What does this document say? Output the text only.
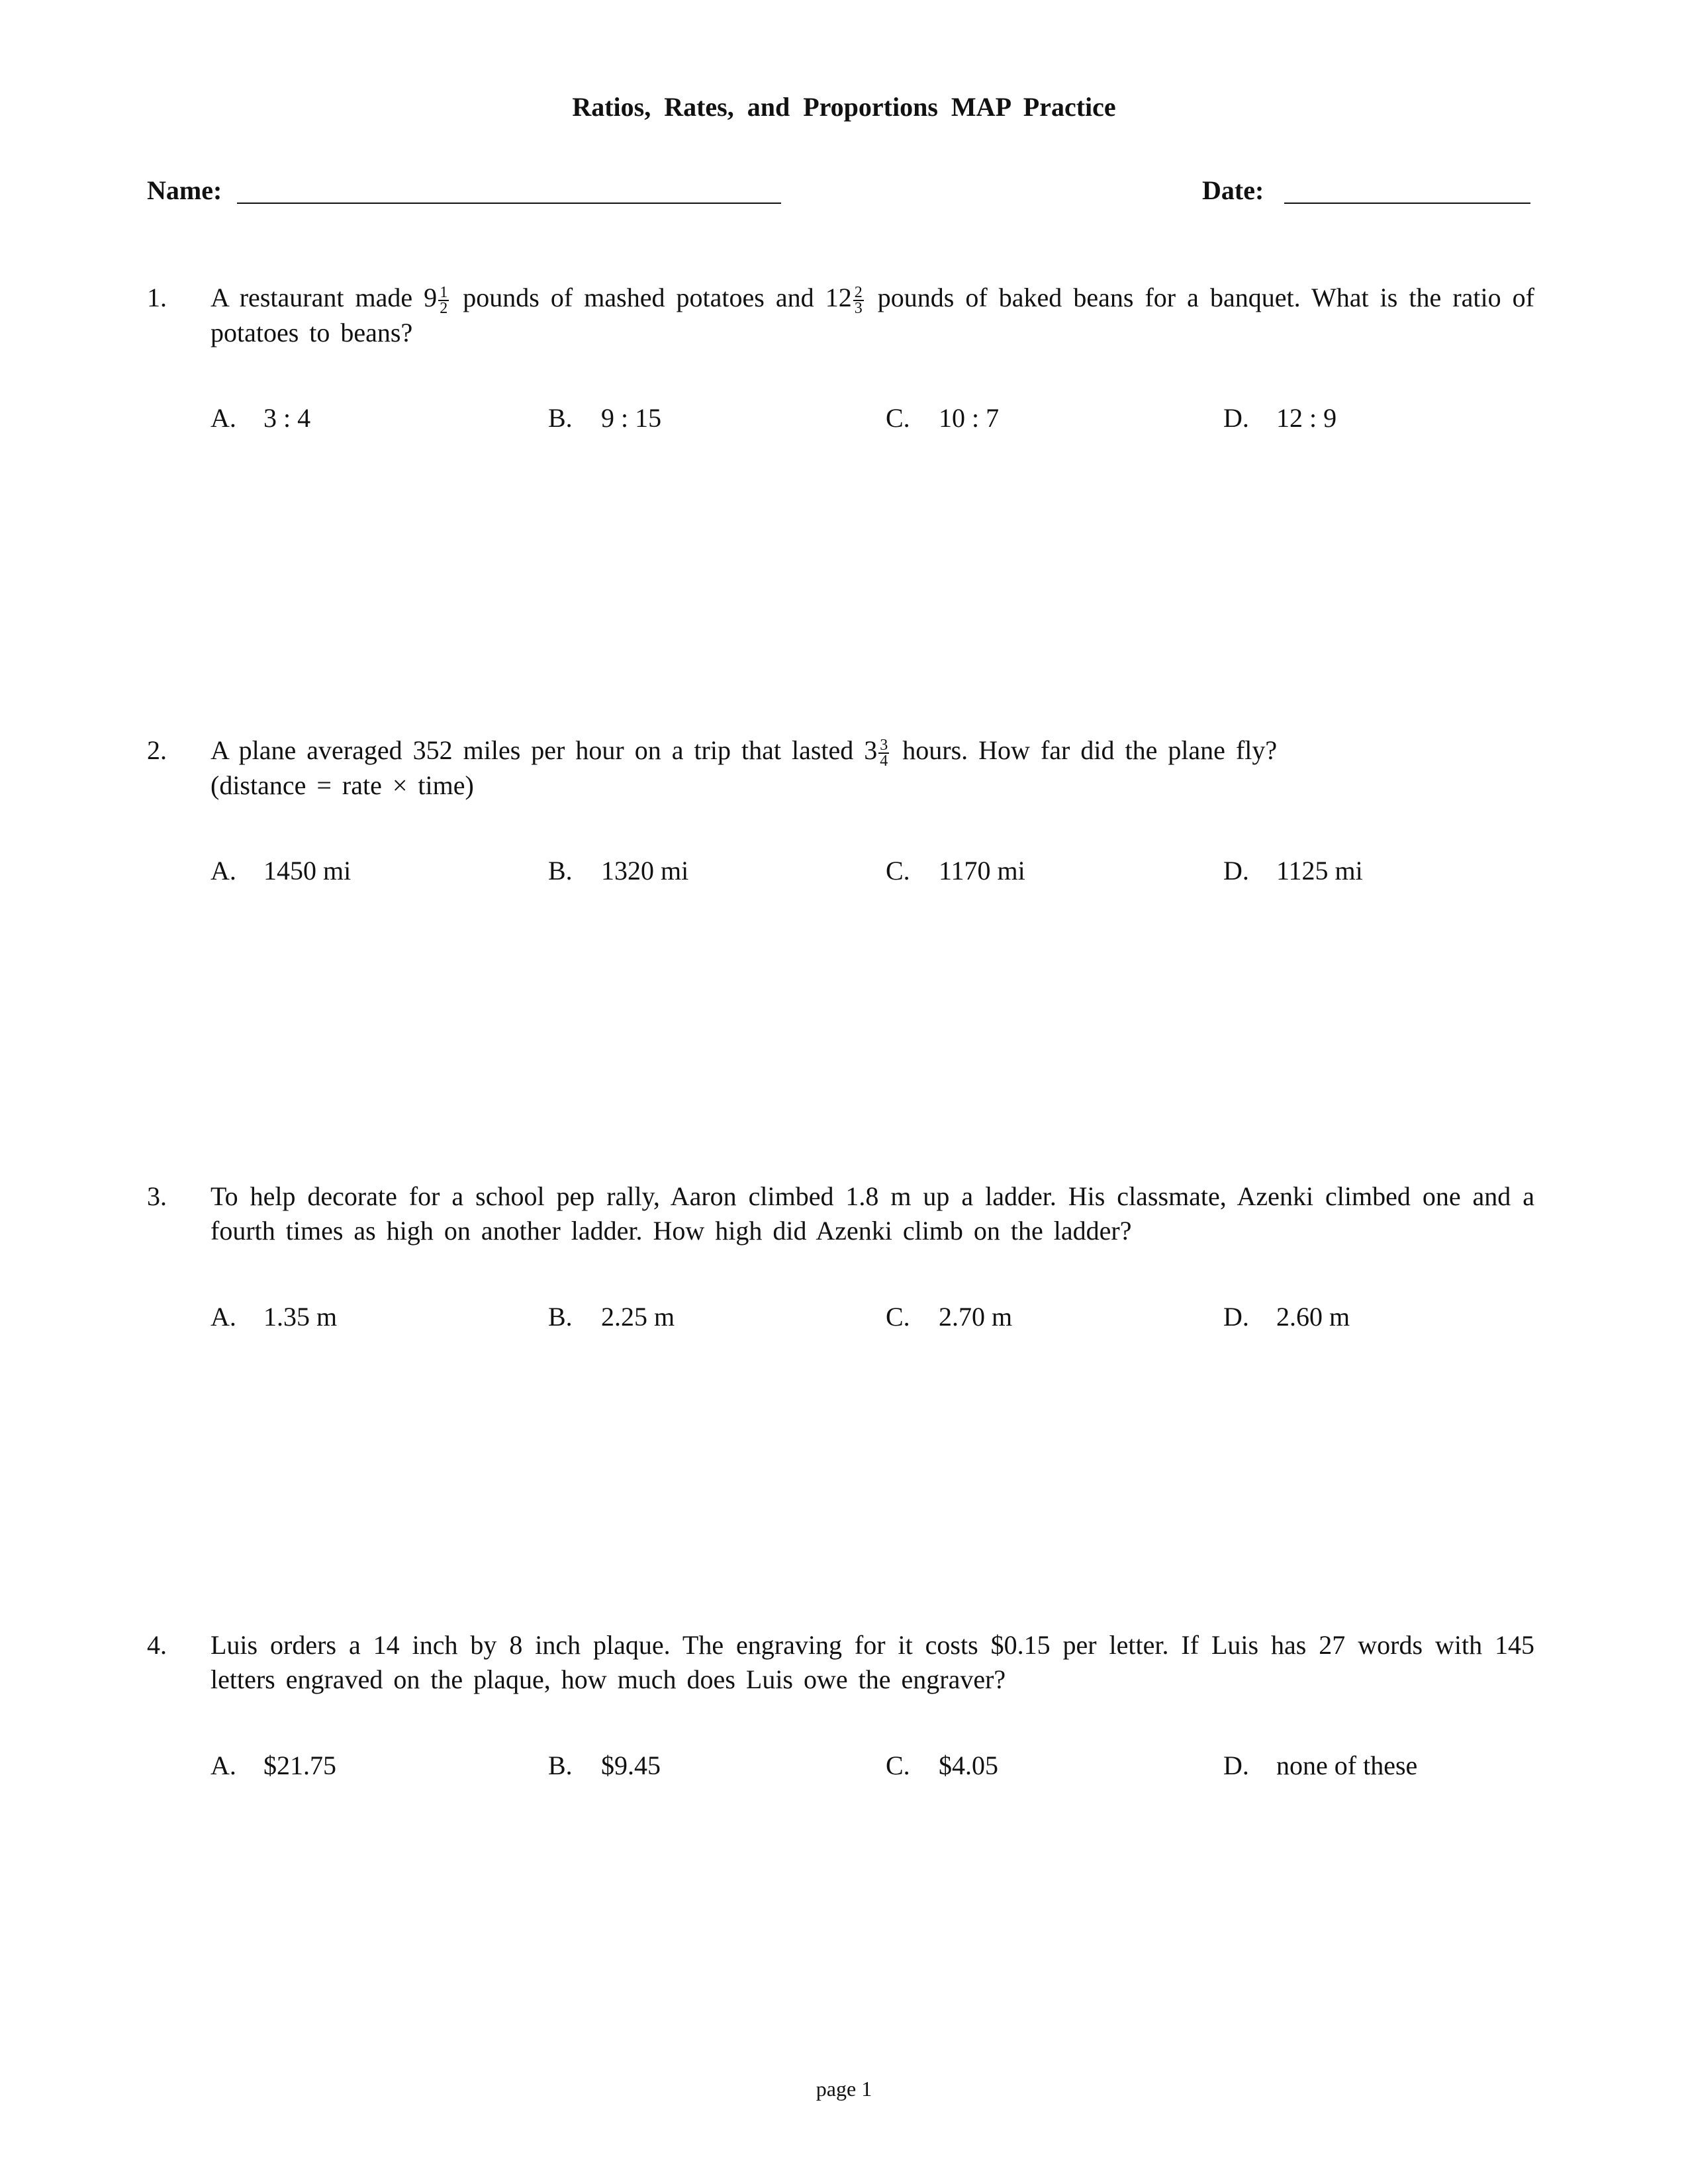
Ratios, Rates, and Proportions MAP Practice
Name:	Date:
1. A restaurant made $9 \frac{1}{2}$ pounds of mashed potatoes and $12 \frac{2}{3}$ pounds of baked beans for a banquet. What is the ratio of potatoes to beans?
A. 3 : 4	B. 9 : 15	C. 10 : 7	D. 12 : 9
2. A plane averaged 352 miles per hour on a trip that lasted $3 \frac{3}{4}$ hours. How far did the plane fly?
(distance = rate × time)
A. 1450 mi	B. 1320 mi	C. 1170 mi	D. 1125 mi
3. To help decorate for a school pep rally, Aaron climbed 1.8 m up a ladder. His classmate, Azenki climbed one and a fourth times as high on another ladder. How high did Azenki climb on the ladder?
A. 1.35 m	B. 2.25 m	C. 2.70 m	D. 2.60 m
4. Luis orders a 14 inch by 8 inch plaque. The engraving for it costs $0.15 per letter. If Luis has 27 words with 145 letters engraved on the plaque, how much does Luis owe the engraver?
A. $21.75	B. $9.45	C. $4.05	D. none of these
page 1
